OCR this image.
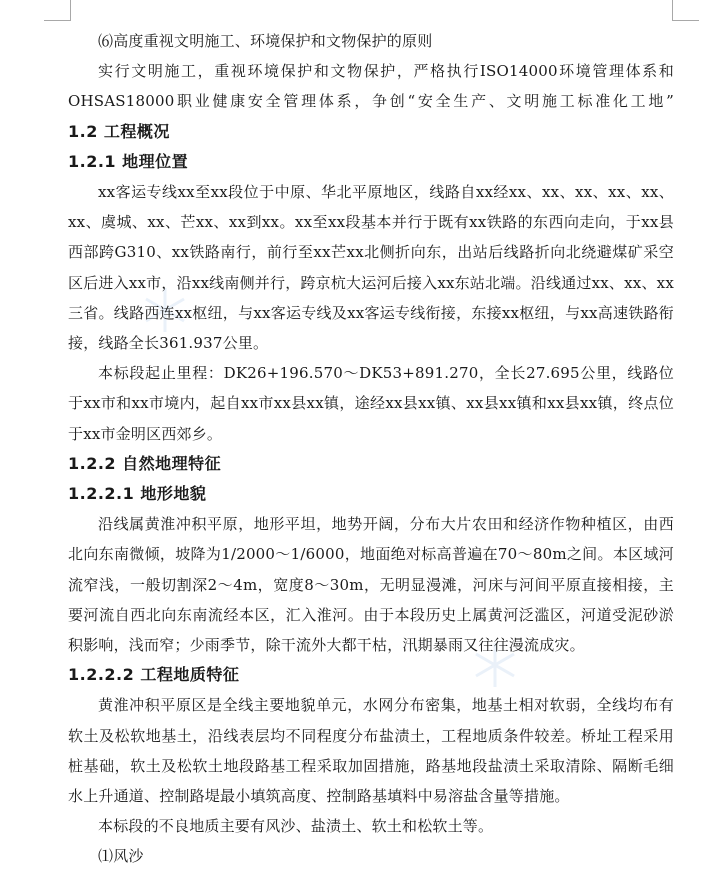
⑹高度重视文明施工、环境保护和文物保护的原则

实行文明施工，重视环境保护和文物保护，严格执行ISO14000环境管理体系和OHSAS18000职业健康安全管理体系，争创“安全生产、文明施工标准化工地”

1.2 工程概况
1.2.1 地理位置

xx客运专线xx至xx段位于中原、华北平原地区，线路自xx经xx、xx、xx、xx、xx、xx、虞城、xx、芒xx、xx到xx。xx至xx段基本并行于既有xx铁路的东西向走向，于xx县西部跨G310、xx铁路南行，前行至xx芒xx北侧折向东，出站后线路折向北绕避煤矿采空区后进入xx市，沿xx线南侧并行，跨京杭大运河后接入xx东站北端。沿线通过xx、xx、xx三省。线路西连xx枢纽，与xx客运专线及xx客运专线衔接，东接xx枢纽，与xx高速铁路衔接，线路全长361.937公里。

本标段起止里程：DK26+196.570～DK53+891.270，全长27.695公里，线路位于xx市和xx市境内，起自xx市xx县xx镇，途经xx县xx镇、xx县xx镇和xx县xx镇，终点位于xx市金明区西郊乡。

1.2.2 自然地理特征
1.2.2.1 地形地貌

沿线属黄淮冲积平原，地形平坦，地势开阔，分布大片农田和经济作物种植区，由西北向东南微倾，坡降为1/2000～1/6000，地面绝对标高普遍在70～80m之间。本区域河流窄浅，一般切割深2～4m，宽度8～30m，无明显漫滩，河床与河间平原直接相接，主要河流自西北向东南流经本区，汇入淮河。由于本段历史上属黄河泛滥区，河道受泥砂淤积影响，浅而窄；少雨季节，除干流外大都干枯，汛期暴雨又往往漫流成灾。

1.2.2.2 工程地质特征

黄淮冲积平原区是全线主要地貌单元，水网分布密集，地基土相对软弱，全线均布有软土及松软地基土，沿线表层均不同程度分布盐渍土，工程地质条件较差。桥址工程采用桩基础，软土及松软土地段路基工程采取加固措施，路基地段盐渍土采取清除、隔断毛细水上升通道、控制路堤最小填筑高度、控制路基填料中易溶盐含量等措施。

本标段的不良地质主要有风沙、盐渍土、软土和松软土等。

⑴风沙
